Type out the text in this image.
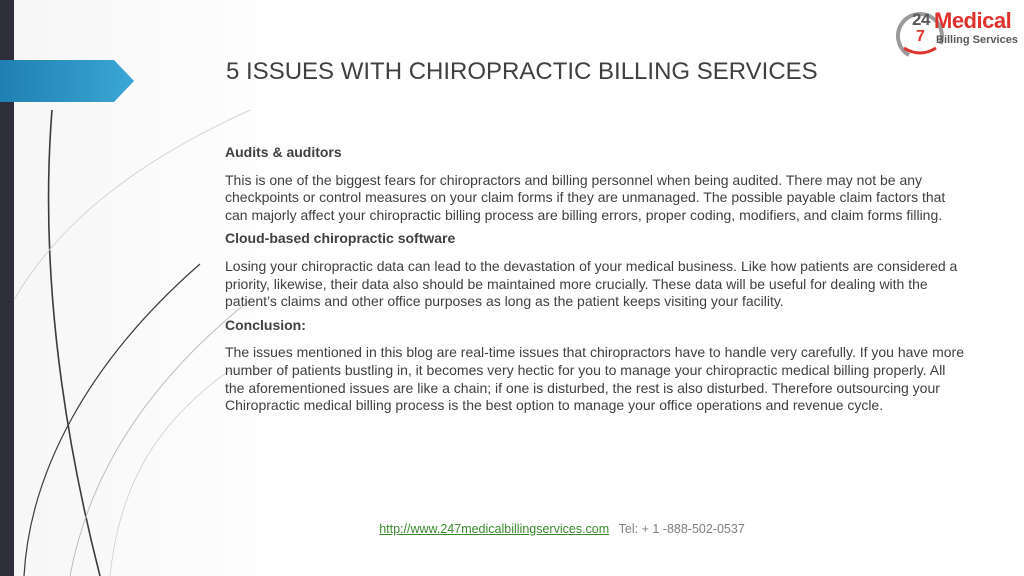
24 Medical
Billing Services
7
5 ISSUES WITH CHIROPRACTIC BILLING SERVICES
Audits & auditors
This is one of the biggest fears for chiropractors and billing personnel when being audited. There may not be any checkpoints or control measures on your claim forms if they are unmanaged. The possible payable claim factors that can majorly affect your chiropractic billing process are billing errors, proper coding, modifiers, and claim forms filling.
Cloud-based chiropractic software
Losing your chiropractic data can lead to the devastation of your medical business. Like how patients are considered a priority, likewise, their data also should be maintained more crucially. These data will be useful for dealing with the patient’s claims and other office purposes as long as the patient keeps visiting your facility.
Conclusion:
The issues mentioned in this blog are real-time issues that chiropractors have to handle very carefully. If you have more number of patients bustling in, it becomes very hectic for you to manage your chiropractic medical billing properly. All the aforementioned issues are like a chain; if one is disturbed, the rest is also disturbed. Therefore outsourcing your Chiropractic medical billing process is the best option to manage your office operations and revenue cycle.
http://www.247medicalbillingservices.com Tel: + 1 -888-502-0537
